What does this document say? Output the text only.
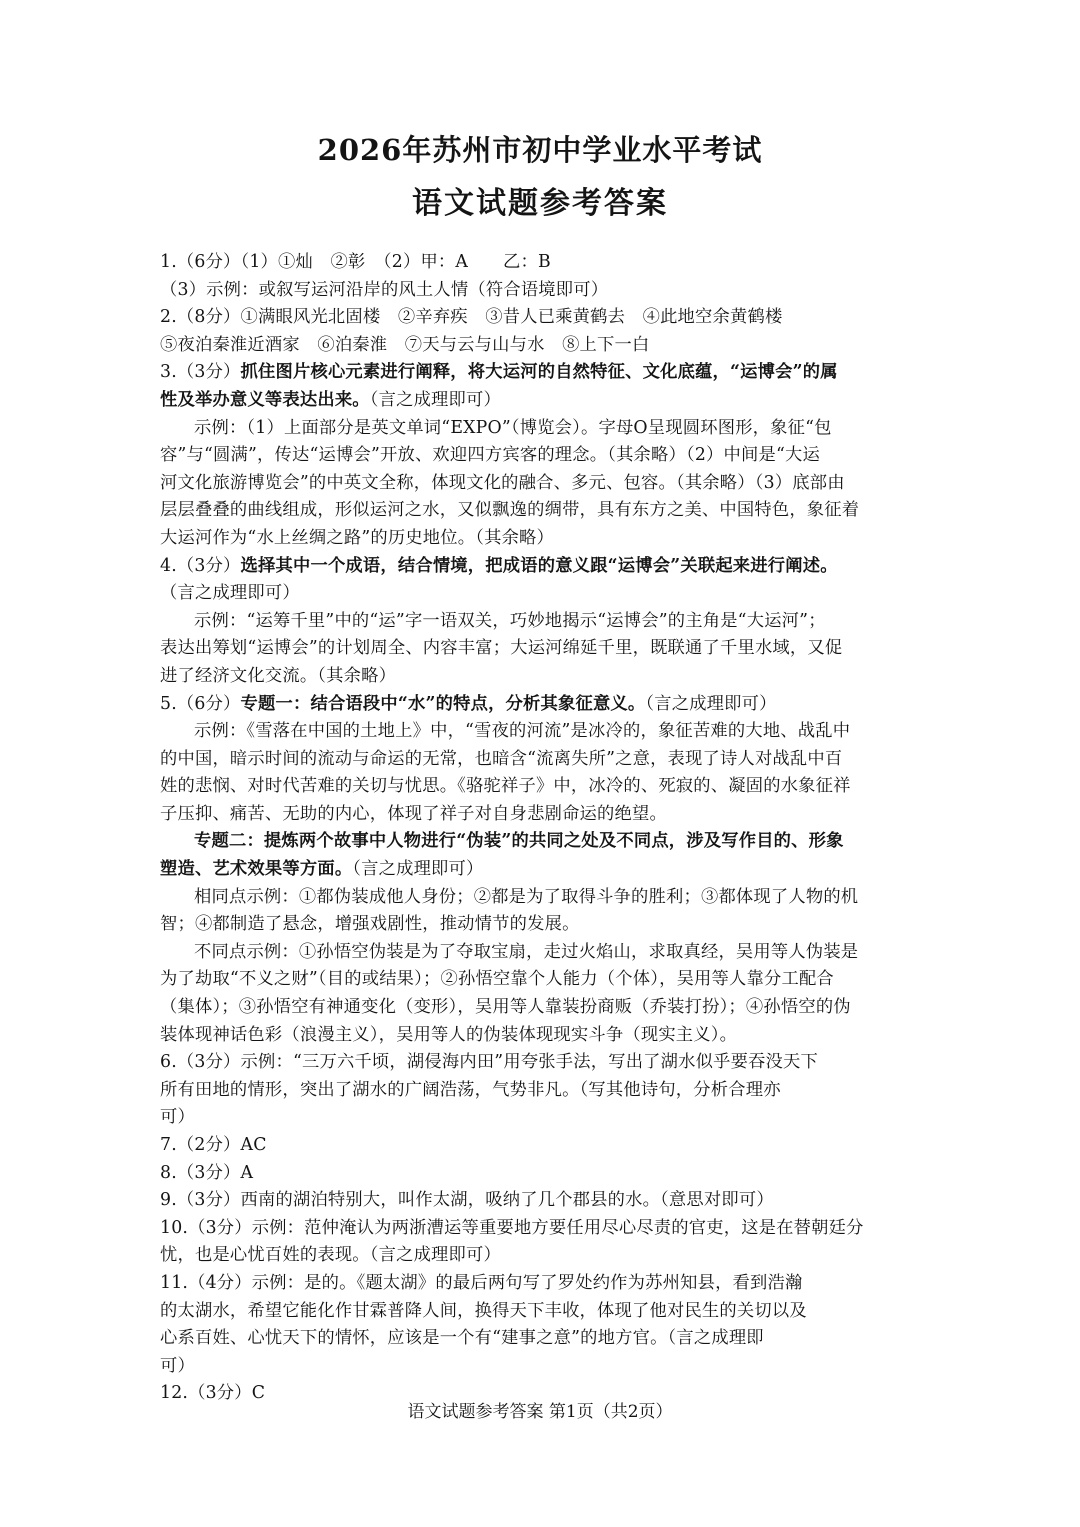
2026年苏州市初中学业水平考试
语文试题参考答案
1.（6分）（1）①灿　②彰　（2）甲：A　　乙：B
（3）示例：或叙写运河沿岸的风土人情（符合语境即可）
2.（8分）①满眼风光北固楼　②辛弃疾　③昔人已乘黄鹤去　④此地空余黄鹤楼
⑤夜泊秦淮近酒家　⑥泊秦淮　⑦天与云与山与水　⑧上下一白
3.（3分）抓住图片核心元素进行阐释，将大运河的自然特征、文化底蕴，“运博会”的属
性及举办意义等表达出来。（言之成理即可）
示例：（1）上面部分是英文单词“EXPO”（博览会）。字母O呈现圆环图形，象征“包
容”与“圆满”，传达“运博会”开放、欢迎四方宾客的理念。（其余略）（2）中间是“大运
河文化旅游博览会”的中英文全称，体现文化的融合、多元、包容。（其余略）（3）底部由
层层叠叠的曲线组成，形似运河之水，又似飘逸的绸带，具有东方之美、中国特色，象征着
大运河作为“水上丝绸之路”的历史地位。（其余略）
4.（3分）选择其中一个成语，结合情境，把成语的意义跟“运博会”关联起来进行阐述。
（言之成理即可）
示例：“运筹千里”中的“运”字一语双关，巧妙地揭示“运博会”的主角是“大运河”；
表达出筹划“运博会”的计划周全、内容丰富；大运河绵延千里，既联通了千里水域，又促
进了经济文化交流。（其余略）
5.（6分）专题一：结合语段中“水”的特点，分析其象征意义。（言之成理即可）
示例：《雪落在中国的土地上》中，“雪夜的河流”是冰冷的，象征苦难的大地、战乱中
的中国，暗示时间的流动与命运的无常，也暗含“流离失所”之意，表现了诗人对战乱中百
姓的悲悯、对时代苦难的关切与忧思。《骆驼祥子》中，冰冷的、死寂的、凝固的水象征祥
子压抑、痛苦、无助的内心，体现了祥子对自身悲剧命运的绝望。
专题二：提炼两个故事中人物进行“伪装”的共同之处及不同点，涉及写作目的、形象
塑造、艺术效果等方面。（言之成理即可）
相同点示例：①都伪装成他人身份；②都是为了取得斗争的胜利；③都体现了人物的机
智；④都制造了悬念，增强戏剧性，推动情节的发展。
不同点示例：①孙悟空伪装是为了夺取宝扇，走过火焰山，求取真经，吴用等人伪装是
为了劫取“不义之财”（目的或结果）；②孙悟空靠个人能力（个体），吴用等人靠分工配合
（集体）；③孙悟空有神通变化（变形），吴用等人靠装扮商贩（乔装打扮）；④孙悟空的伪
装体现神话色彩（浪漫主义），吴用等人的伪装体现现实斗争（现实主义）。
6.（3分）示例：“三万六千顷，湖侵海内田”用夸张手法，写出了湖水似乎要吞没天下
所有田地的情形，突出了湖水的广阔浩荡，气势非凡。（写其他诗句，分析合理亦
可）
7.（2分）AC
8.（3分）A
9.（3分）西南的湖泊特别大，叫作太湖，吸纳了几个郡县的水。（意思对即可）
10.（3分）示例：范仲淹认为两浙漕运等重要地方要任用尽心尽责的官吏，这是在替朝廷分
忧，也是心忧百姓的表现。（言之成理即可）
11.（4分）示例：是的。《题太湖》的最后两句写了罗处约作为苏州知县，看到浩瀚
的太湖水，希望它能化作甘霖普降人间，换得天下丰收，体现了他对民生的关切以及
心系百姓、心忧天下的情怀，应该是一个有“建事之意”的地方官。（言之成理即
可）
12.（3分）C
语文试题参考答案 第1页（共2页）
